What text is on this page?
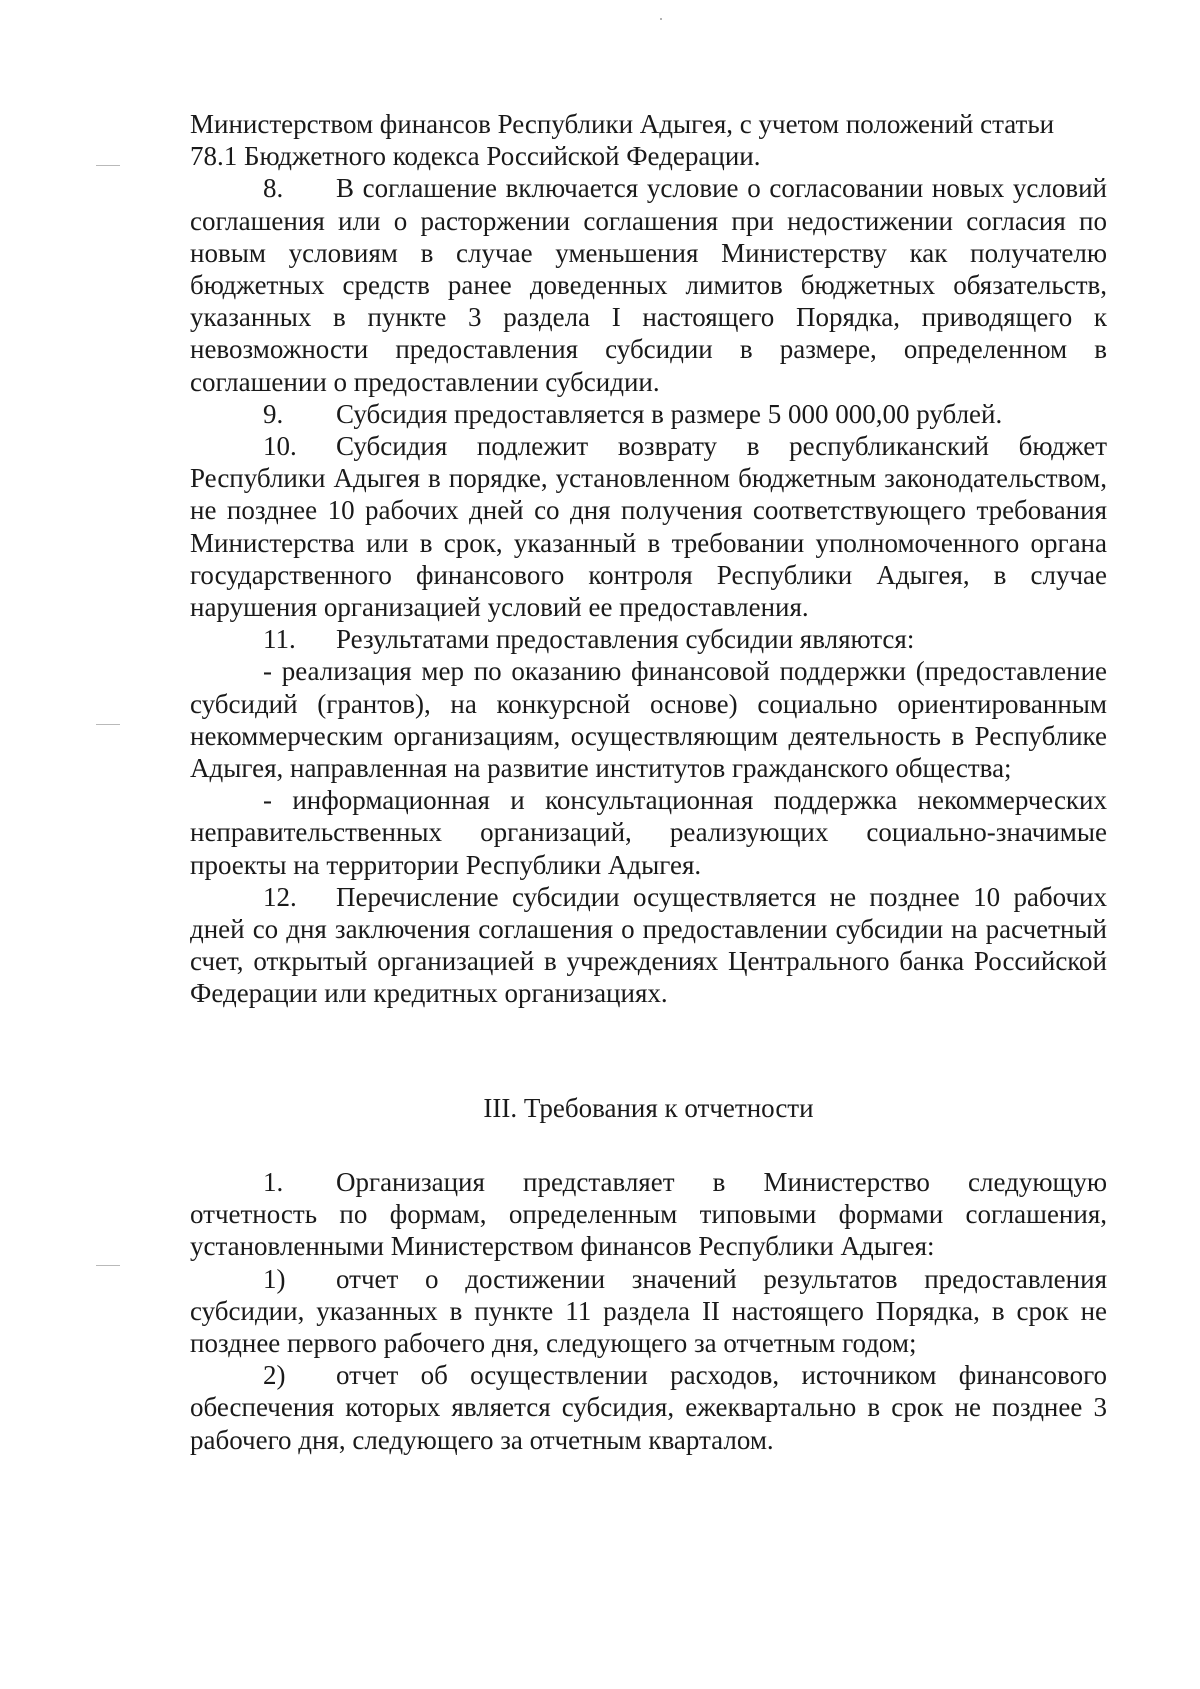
Министерством финансов Республики Адыгея, с учетом положений статьи
78.1 Бюджетного кодекса Российской Федерации.

8. В соглашение включается условие о согласовании новых условий соглашения или о расторжении соглашения при недостижении согласия по новым условиям в случае уменьшения Министерству как получателю бюджетных средств ранее доведенных лимитов бюджетных обязательств, указанных в пункте 3 раздела I настоящего Порядка, приводящего к невозможности предоставления субсидии в размере, определенном в соглашении о предоставлении субсидии.

9. Субсидия предоставляется в размере 5 000 000,00 рублей.

10. Субсидия подлежит возврату в республиканский бюджет Республики Адыгея в порядке, установленном бюджетным законодательством, не позднее 10 рабочих дней со дня получения соответствующего требования Министерства или в срок, указанный в требовании уполномоченного органа государственного финансового контроля Республики Адыгея, в случае нарушения организацией условий ее предоставления.

11. Результатами предоставления субсидии являются:

- реализация мер по оказанию финансовой поддержки (предоставление субсидий (грантов), на конкурсной основе) социально ориентированным некоммерческим организациям, осуществляющим деятельность в Республике Адыгея, направленная на развитие институтов гражданского общества;

- информационная и консультационная поддержка некоммерческих неправительственных организаций, реализующих социально-значимые проекты на территории Республики Адыгея.

12. Перечисление субсидии осуществляется не позднее 10 рабочих дней со дня заключения соглашения о предоставлении субсидии на расчетный счет, открытый организацией в учреждениях Центрального банка Российской Федерации или кредитных организациях.

III. Требования к отчетности

1. Организация представляет в Министерство следующую отчетность по формам, определенным типовыми формами соглашения, установленными Министерством финансов Республики Адыгея:

1) отчет о достижении значений результатов предоставления субсидии, указанных в пункте 11 раздела II настоящего Порядка, в срок не позднее первого рабочего дня, следующего за отчетным годом;

2) отчет об осуществлении расходов, источником финансового обеспечения которых является субсидия, ежеквартально в срок не позднее 3 рабочего дня, следующего за отчетным кварталом.
